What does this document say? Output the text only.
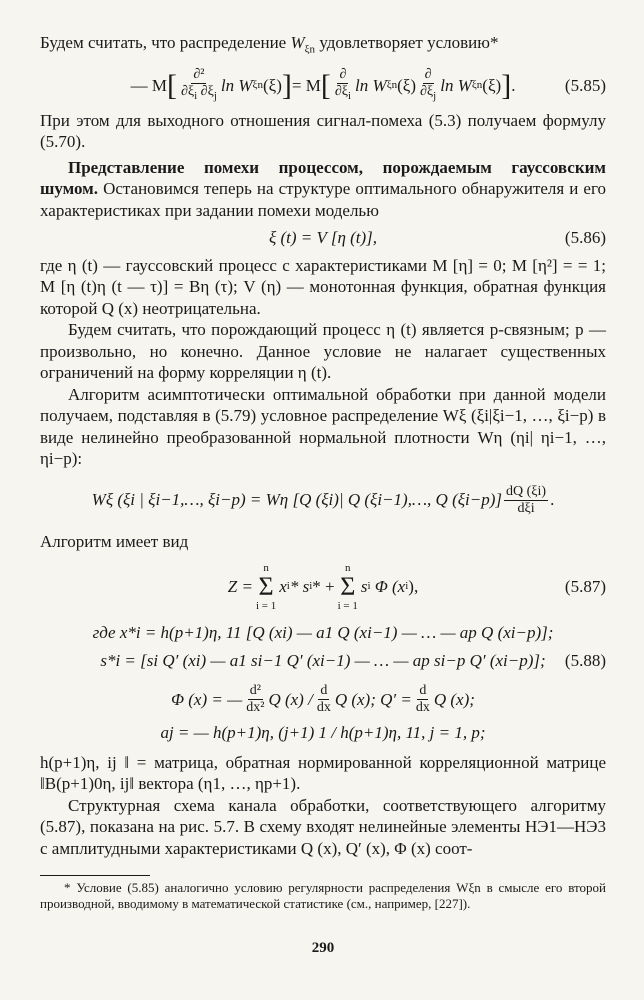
Будем считать, что распределение $W_{\xi n}$ удовлетворяет условию*

— M [ $\frac{\text{∂²}}{\partial\xi_i \partial\xi_j}$ ln W ξn (ξ) ] = M [ $\frac{\partial}{\partial\xi_i}$ ln W ξn $(\xi) \frac{\partial}{\partial\xi_j}$ ln W ξn (ξ) ] .	(5.85)

При этом для выходного отношения сигнал-помеха (5.3) получаем формулу (5.70).

Представление помехи процессом, порождаемым гауссовским шумом. Остановимся теперь на структуре оптимального обнаружителя и его характеристиках при задании помехи моделью

ξ (t) = V [η (t)],	(5.86)

где η (t) — гауссовский процесс с характеристиками M [η] = 0; M [η²] = = 1; M [η (t)η (t — τ)] = Bη (τ); V (η) — монотонная функция, обратная функция которой Q (x) неотрицательна.

Будем считать, что порождающий процесс η (t) является p-связным; p — произвольно, но конечно. Данное условие не налагает существенных ограничений на форму корреляции η (t).

Алгоритм асимптотически оптимальной обработки при данной модели получаем, подставляя в (5.79) условное распределение Wξ (ξi|ξi−1, …, ξi−p) в виде нелинейно преобразованной нормальной плотности Wη (ηi| ηi−1, …, ηi−p):

Wξ (ξi | ξi−1,…, ξi−p) = Wη [Q (ξi)| Q (ξi−1),…, Q $(\xi i-p)] \frac{dQ (\xi i)}{\text{dξi}}$ .

Алгоритм имеет вид

Z =
n
Σ
i = 1
x i * s i * +
n
Σ
i = 1
s i
Φ (x i ),	(5.87)
где x*i = h(p+1)η, 11 [Q (xi) — a1 Q (xi−1) — … — ap Q (xi−p)];
s*i = [si Q′ (xi) — a1 si−1 Q′ (xi−1) — … — ap si−p Q′ (xi−p)]; (5.88)
Φ (x) = — $\frac{\text{d²}}{\text{dx²}}$ Q $(x) / \frac{d}{dx}$ Q (x); $Q' = \frac{d}{dx}$ Q (x);
aj = — h(p+1)η, (j+1) 1 / h(p+1)η, 11, j = 1, p;

h(p+1)η, ij ‖ = матрица, обратная нормированной корреляционной матрице ‖B(p+1)0η, ij‖ вектора (η1, …, ηp+1).

Структурная схема канала обработки, соответствующего алгоритму (5.87), показана на рис. 5.7. В схему входят нелинейные элементы НЭ1—НЭ3 с амплитудными характеристиками Q (x), Q′ (x), Φ (x) соот-

* Условие (5.85) аналогично условию регулярности распределения Wξn в смысле его второй производной, вводимому в математической статистике (см., например, [227]).

290
